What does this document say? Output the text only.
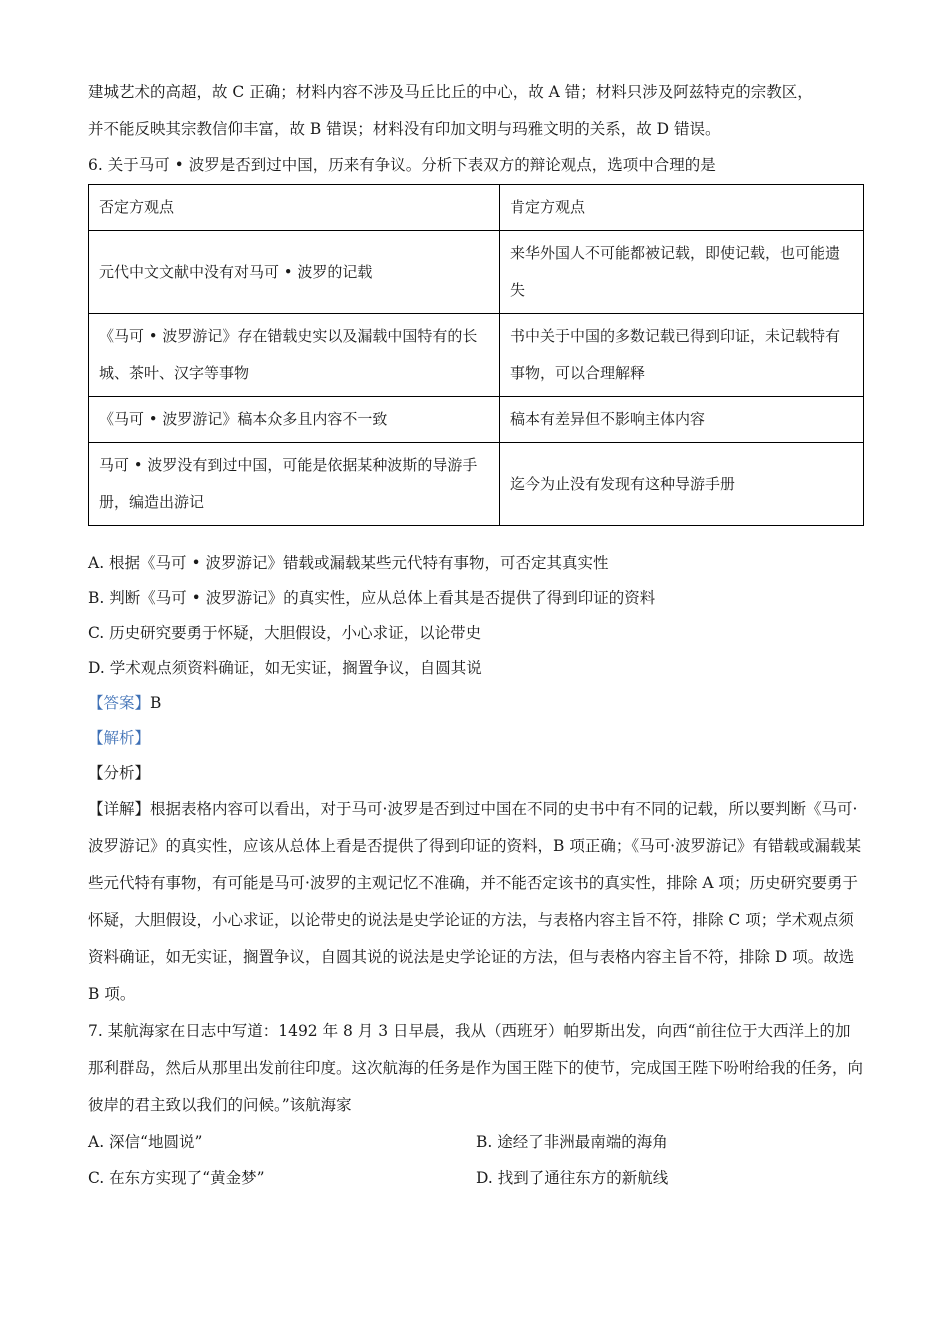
建城艺术的高超，故 C 正确；材料内容不涉及马丘比丘的中心，故 A 错；材料只涉及阿兹特克的宗教区，

并不能反映其宗教信仰丰富，故 B 错误；材料没有印加文明与玛雅文明的关系，故 D 错误。

6. 关于马可 • 波罗是否到过中国，历来有争议。分析下表双方的辩论观点，选项中合理的是

否定方观点	肯定方观点
元代中文文献中没有对马可 • 波罗的记载	来华外国人不可能都被记载，即使记载，也可能遗失
《马可 • 波罗游记》存在错载史实以及漏载中国特有的长城、茶叶、汉字等事物	书中关于中国的多数记载已得到印证，未记载特有事物，可以合理解释
《马可 • 波罗游记》稿本众多且内容不一致	稿本有差异但不影响主体内容
马可 • 波罗没有到过中国，可能是依据某种波斯的导游手册，编造出游记	迄今为止没有发现有这种导游手册

A. 根据《马可 • 波罗游记》错载或漏载某些元代特有事物，可否定其真实性

B. 判断《马可 • 波罗游记》的真实性，应从总体上看其是否提供了得到印证的资料

C. 历史研究要勇于怀疑，大胆假设，小心求证，以论带史

D. 学术观点须资料确证，如无实证，搁置争议，自圆其说

【答案】B

【解析】

【分析】

【详解】根据表格内容可以看出，对于马可·波罗是否到过中国在不同的史书中有不同的记载，所以要判断《马可·波罗游记》的真实性，应该从总体上看是否提供了得到印证的资料，B 项正确；《马可·波罗游记》有错载或漏载某些元代特有事物，有可能是马可·波罗的主观记忆不准确，并不能否定该书的真实性，排除 A 项；历史研究要勇于怀疑，大胆假设，小心求证，以论带史的说法是史学论证的方法，与表格内容主旨不符，排除 C 项；学术观点须资料确证，如无实证，搁置争议，自圆其说的说法是史学论证的方法，但与表格内容主旨不符，排除 D 项。故选 B 项。

7. 某航海家在日志中写道：1492 年 8 月 3 日早晨，我从（西班牙）帕罗斯出发，向西“前往位于大西洋上的加那利群岛，然后从那里出发前往印度。这次航海的任务是作为国王陛下的使节，完成国王陛下吩咐给我的任务，向彼岸的君主致以我们的问候。”该航海家

A. 深信“地圆说”	B. 途经了非洲最南端的海角
C. 在东方实现了“黄金梦”	D. 找到了通往东方的新航线
